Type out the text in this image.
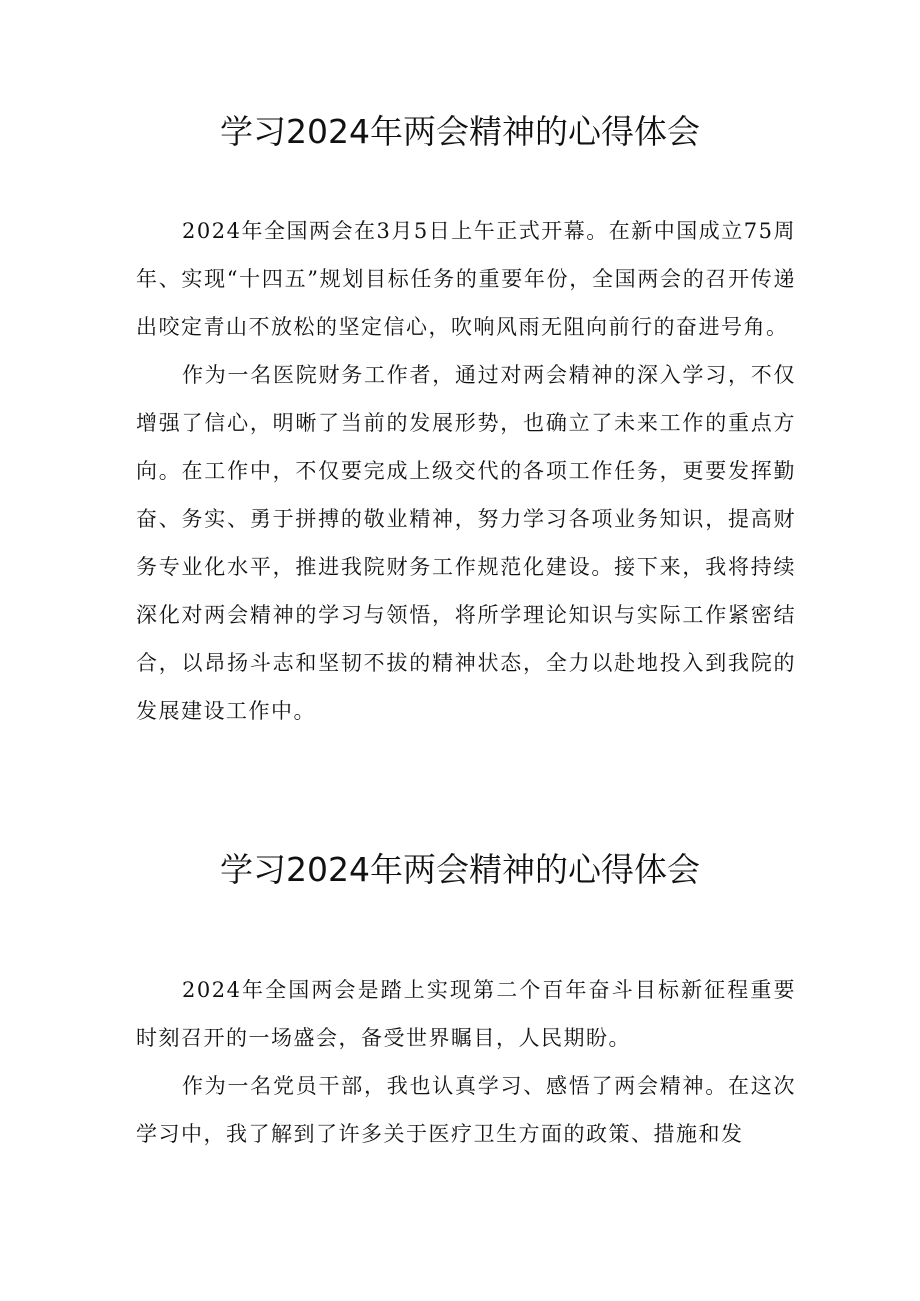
学习2024年两会精神的心得体会

2024年全国两会在3月5日上午正式开幕。在新中国成立75周年、实现“十四五”规划目标任务的重要年份，全国两会的召开传递出咬定青山不放松的坚定信心，吹响风雨无阻向前行的奋进号角。

作为一名医院财务工作者，通过对两会精神的深入学习，不仅增强了信心，明晰了当前的发展形势，也确立了未来工作的重点方向。在工作中，不仅要完成上级交代的各项工作任务，更要发挥勤奋、务实、勇于拼搏的敬业精神，努力学习各项业务知识，提高财务专业化水平，推进我院财务工作规范化建设。接下来，我将持续深化对两会精神的学习与领悟，将所学理论知识与实际工作紧密结合，以昂扬斗志和坚韧不拔的精神状态，全力以赴地投入到我院的发展建设工作中。

学习2024年两会精神的心得体会

2024年全国两会是踏上实现第二个百年奋斗目标新征程重要时刻召开的一场盛会，备受世界瞩目，人民期盼。

作为一名党员干部，我也认真学习、感悟了两会精神。在这次学习中，我了解到了许多关于医疗卫生方面的政策、措施和发
